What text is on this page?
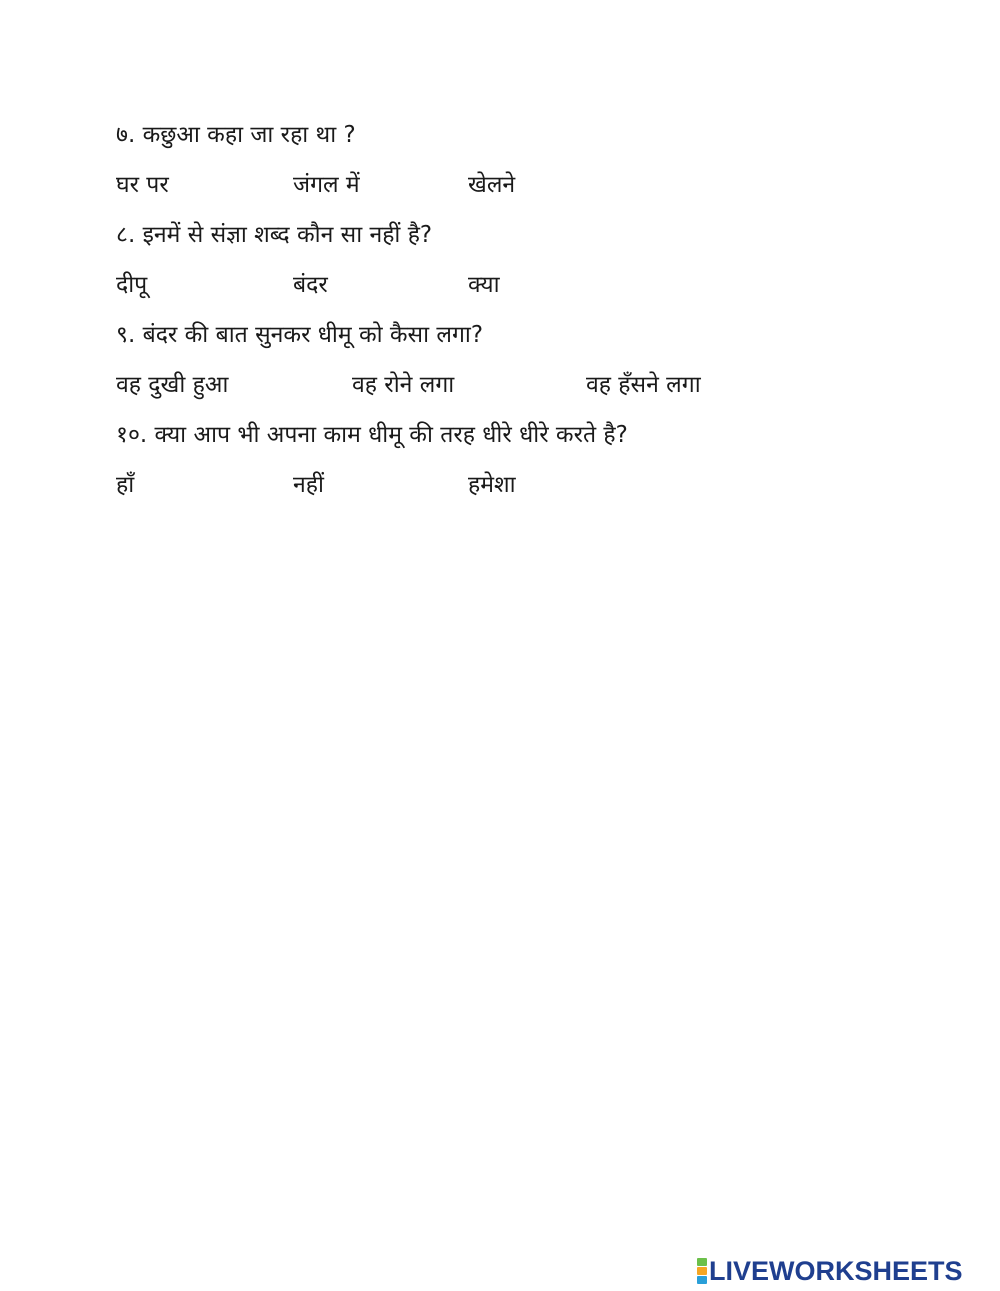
७. कछुआ कहा जा रहा था ?
घर पर	जंगल में	खेलने
८. इनमें से संज्ञा शब्द कौन सा नहीं है?
दीपू	बंदर	क्या
९. बंदर की बात सुनकर धीमू को कैसा लगा?
वह दुखी हुआ	वह रोने लगा	वह हँसने लगा
१०. क्या आप भी अपना काम धीमू की तरह धीरे धीरे करते है?
हाँ	नहीं	हमेशा
LIVEWORKSHEETS
